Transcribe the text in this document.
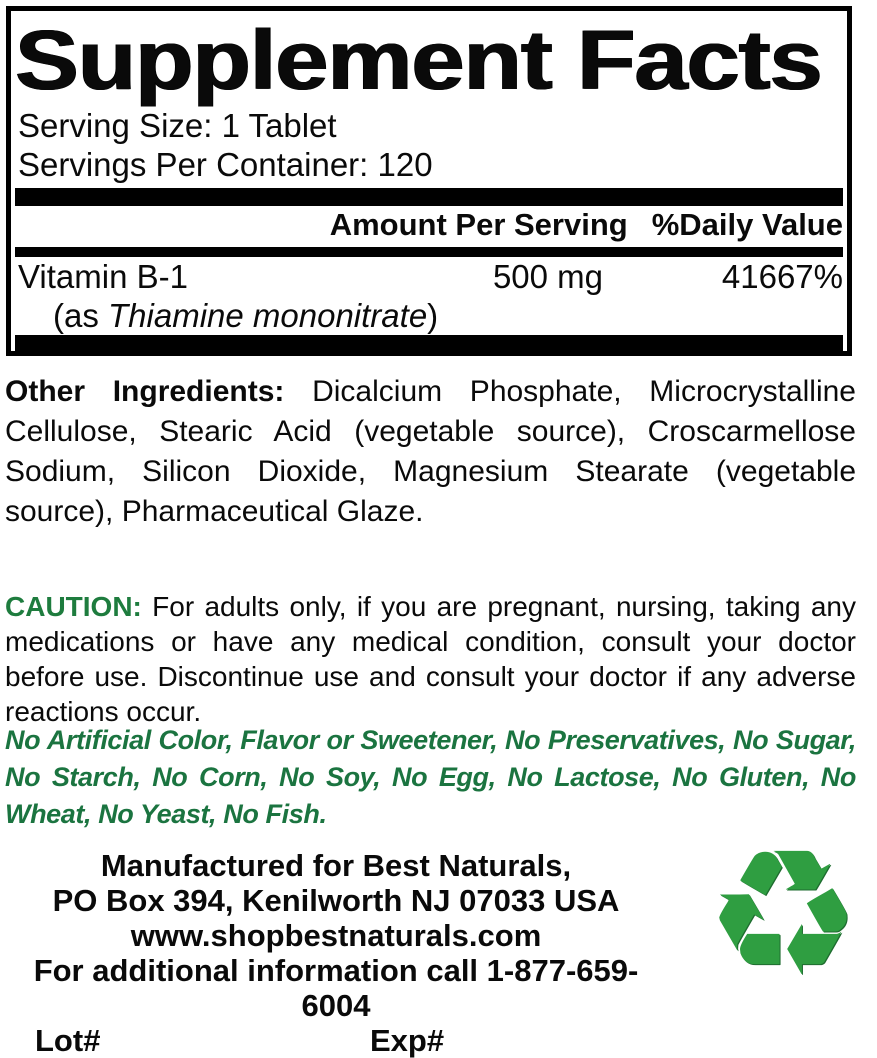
Supplement Facts
Serving Size: 1 Tablet
Servings Per Container: 120
Amount Per Serving %Daily Value
Vitamin B-1	500 mg	41667%
(as Thiamine mononitrate)
Other Ingredients: Dicalcium Phosphate, Microcrystalline Cellulose, Stearic Acid (vegetable source), Croscarmellose Sodium, Silicon Dioxide, Magnesium Stearate (vegetable source), Pharmaceutical Glaze.
CAUTION: For adults only, if you are pregnant, nursing, taking any medications or have any medical condition, consult your doctor before use. Discontinue use and consult your doctor if any adverse reactions occur.
No Artificial Color, Flavor or Sweetener, No Preservatives, No Sugar, No Starch, No Corn, No Soy, No Egg, No Lactose, No Gluten, No Wheat, No Yeast, No Fish.
Manufactured for Best Naturals,
PO Box 394, Kenilworth NJ 07033 USA
www.shopbestnaturals.com
For additional information call 1-877-659-6004
Lot#	Exp#
♻
